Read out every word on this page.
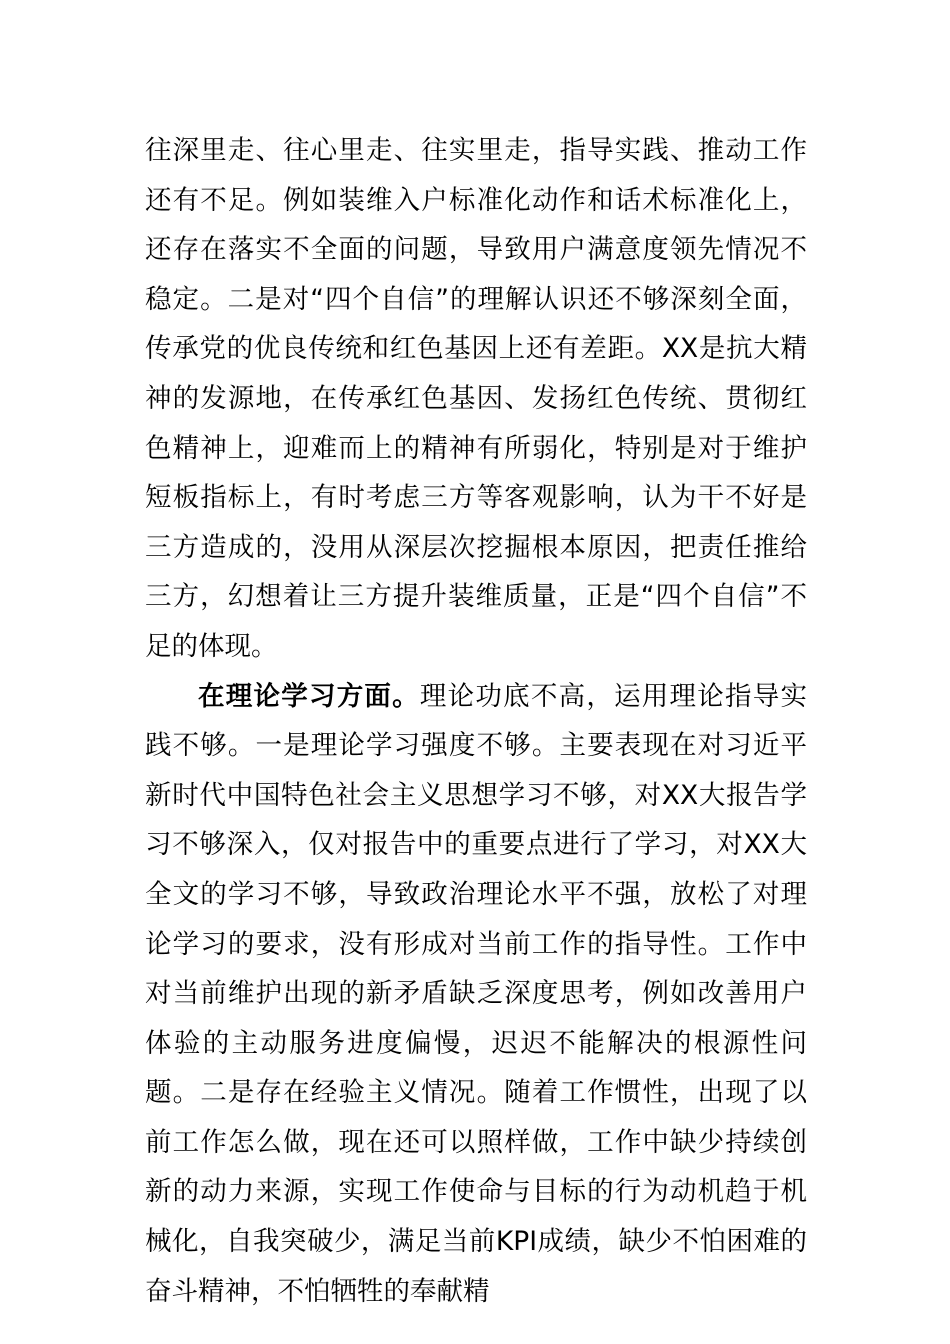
往深里走、往心里走、往实里走，指导实践、推动工作还有不足。例如装维入户标准化动作和话术标准化上，还存在落实不全面的问题，导致用户满意度领先情况不稳定。二是对“四个自信”的理解认识还不够深刻全面，传承党的优良传统和红色基因上还有差距。XX是抗大精神的发源地，在传承红色基因、发扬红色传统、贯彻红色精神上，迎难而上的精神有所弱化，特别是对于维护短板指标上，有时考虑三方等客观影响，认为干不好是三方造成的，没用从深层次挖掘根本原因，把责任推给三方，幻想着让三方提升装维质量，正是“四个自信”不足的体现。

在理论学习方面。理论功底不高，运用理论指导实践不够。一是理论学习强度不够。主要表现在对习近平新时代中国特色社会主义思想学习不够，对XX大报告学习不够深入，仅对报告中的重要点进行了学习，对XX大全文的学习不够，导致政治理论水平不强，放松了对理论学习的要求，没有形成对当前工作的指导性。工作中对当前维护出现的新矛盾缺乏深度思考，例如改善用户体验的主动服务进度偏慢，迟迟不能解决的根源性问题。二是存在经验主义情况。随着工作惯性，出现了以前工作怎么做，现在还可以照样做，工作中缺少持续创新的动力来源，实现工作使命与目标的行为动机趋于机械化，自我突破少，满足当前KPI成绩，缺少不怕困难的奋斗精神，不怕牺牲的奉献精
